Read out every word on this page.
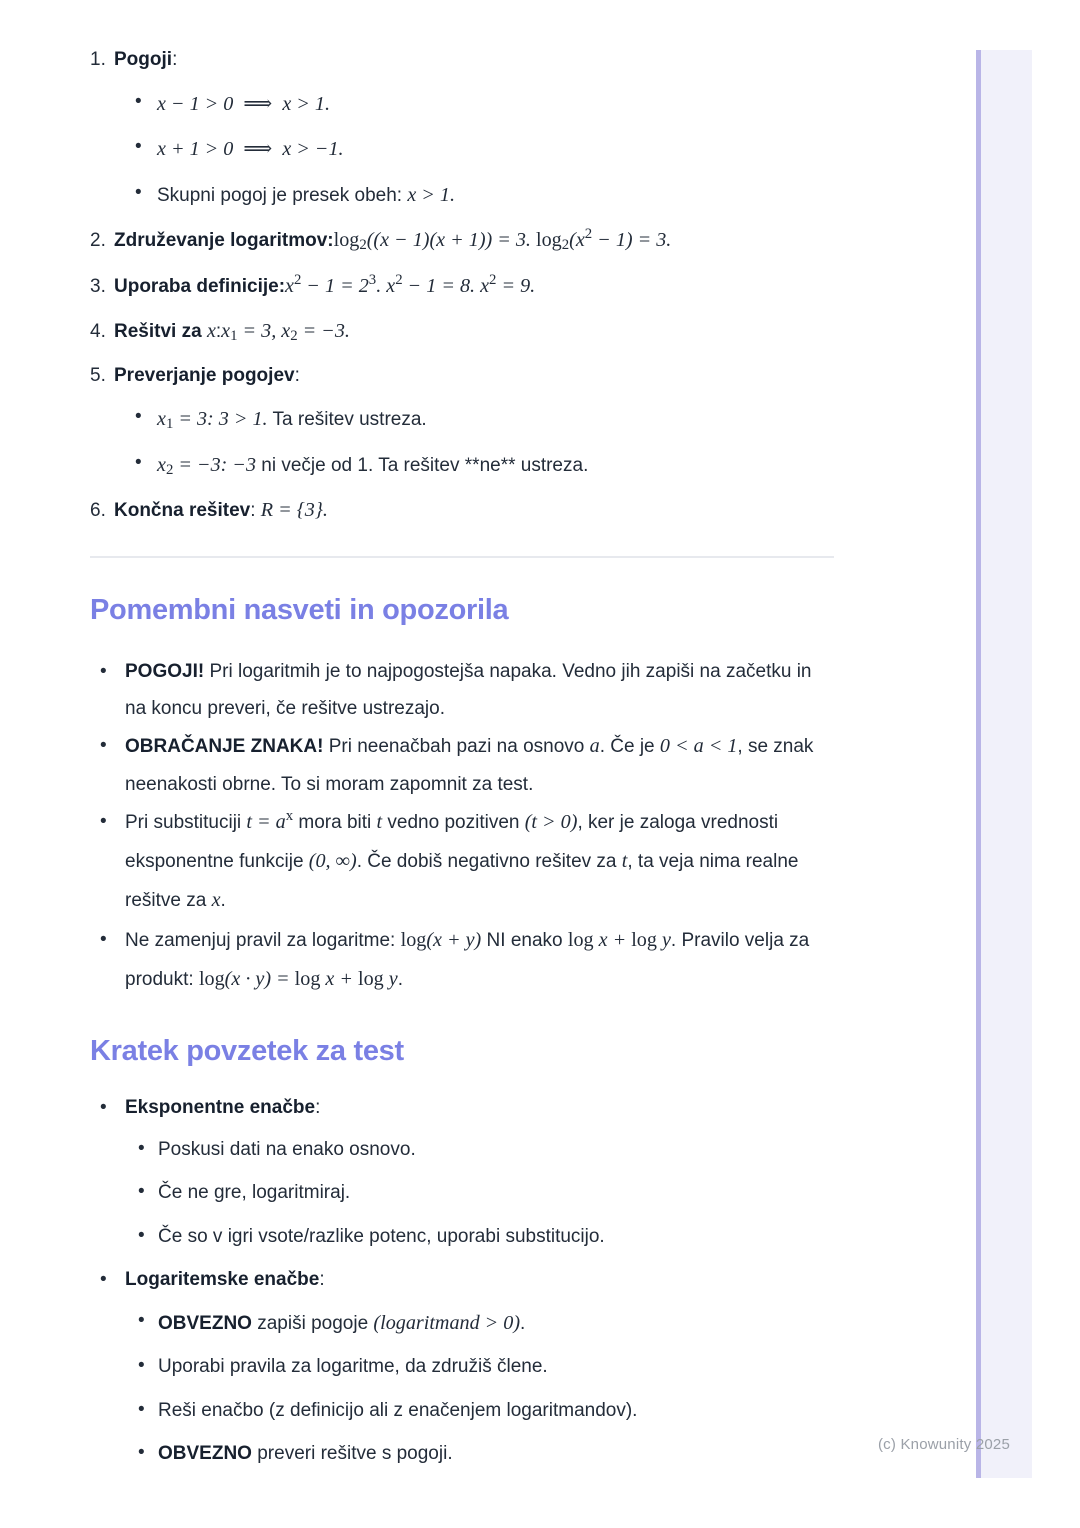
1. Pogoji:
• x − 1 > 0 ⟹ x > 1.
• x + 1 > 0 ⟹ x > −1.
• Skupni pogoj je presek obeh: x > 1.
2. Združevanje logaritmov:log2((x − 1)(x + 1)) = 3. $\log 2(x^2 - 1) = 3$.
3. Uporaba $definicije:x^2 - 1 = 2^3$. $x^2 - 1 = 8$. $x^2 = 9$.
4. Rešitvi za x:x1 = 3, x2 = −3.
5. Preverjanje pogojev:
• x1 = 3: 3 > 1. Ta rešitev ustreza.
• x2 = −3: −3 ni večje od 1. Ta rešitev **ne** ustreza.
6. Končna rešitev: R = {3}.
Pomembni nasveti in opozorila
• POGOJI! Pri logaritmih je to najpogostejša napaka. Vedno jih zapiši na začetku in na koncu preveri, če rešitve ustrezajo.
• OBRAČANJE ZNAKA! Pri neenačbah pazi na osnovo a. Če je 0 < a < 1, se znak neenakosti obrne. To si moram zapomnit za test.
• Pri substituciji $t = a^x$ mora biti t vedno pozitiven (t > 0), ker je zaloga vrednosti eksponentne funkcije (0, ∞). Če dobiš negativno rešitev za t, ta veja nima realne rešitve za x.
• Ne zamenjuj pravil za logaritme: log(x + y) NI enako log x + log y. Pravilo velja za produkt: log(x · y) = log x + log y.
Kratek povzetek za test
• Eksponentne enačbe:
• Poskusi dati na enako osnovo.
• Če ne gre, logaritmiraj.
• Če so v igri vsote/razlike potenc, uporabi substitucijo.
• Logaritemske enačbe:
• OBVEZNO zapiši pogoje (logaritmand > 0).
• Uporabi pravila za logaritme, da združiš člene.
• Reši enačbo (z definicijo ali z enačenjem logaritmandov).
• OBVEZNO preveri rešitve s pogoji.	(c) Knowunity 2025
